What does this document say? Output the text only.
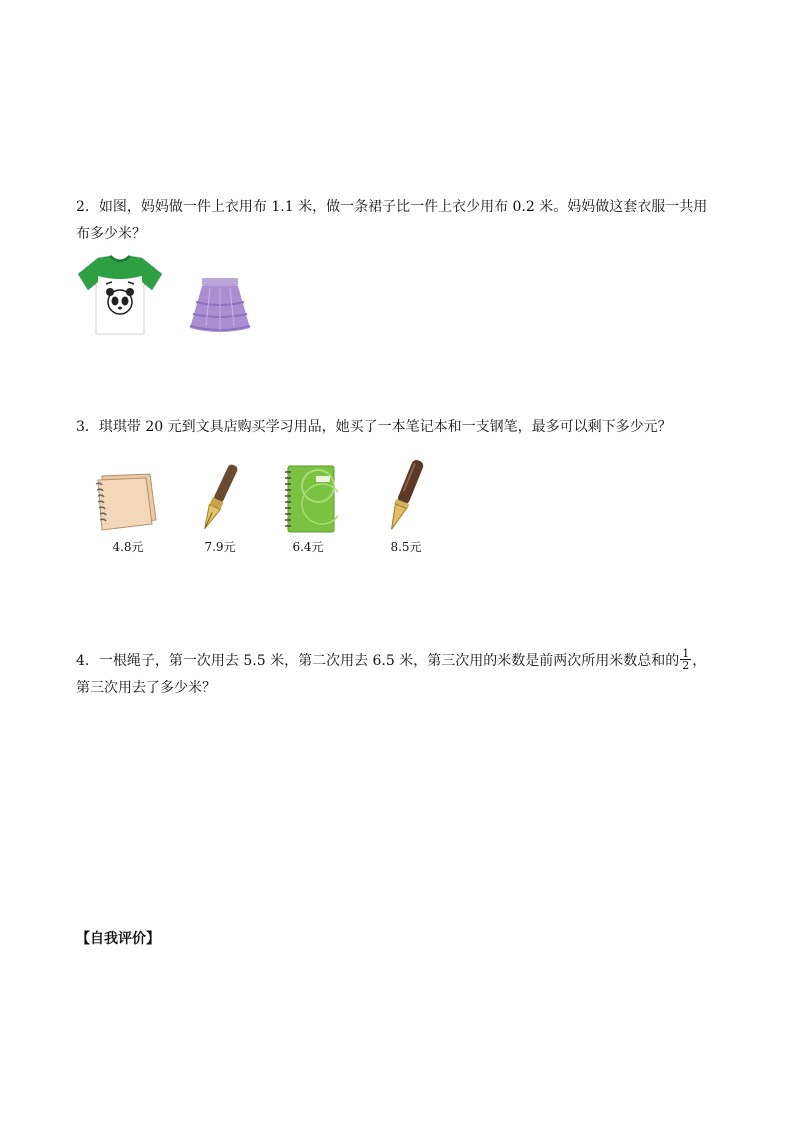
2．如图，妈妈做一件上衣用布 1.1 米，做一条裙子比一件上衣少用布 0.2 米。妈妈做这套衣服一共用布多少米？
3．琪琪带 20 元到文具店购买学习用品，她买了一本笔记本和一支钢笔，最多可以剩下多少元？
4.8元	7.9元	6.4元	8.5元
4．一根绳子，第一次用去 5.5 米，第二次用去 6.5 米，第三次用的米数是前两次所用米数总和的 $\frac{1}{2}$ ，第三次用去了多少米？
【自我评价】
